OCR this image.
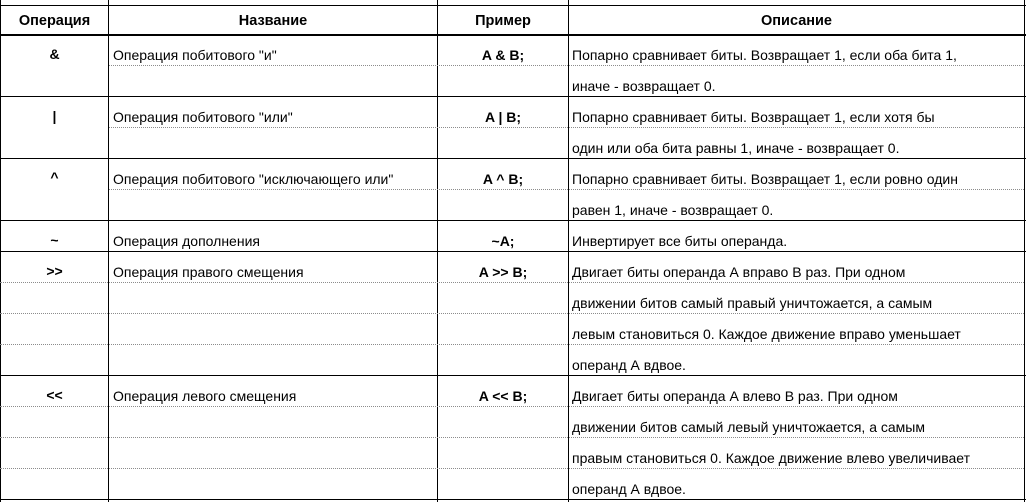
Операция	Название	Пример	Описание
&	Операция побитового "и"	A & B;	Попарно сравнивает биты. Возвращает 1, если оба бита 1,
иначе - возвращает 0.
|	Операция побитового "или"	A | B;	Попарно сравнивает биты. Возвращает 1, если хотя бы
один или оба бита равны 1, иначе - возвращает 0.
^	Операция побитового "исключающего или"	A ^ B;	Попарно сравнивает биты. Возвращает 1, если ровно один
равен 1, иначе - возвращает 0.
~	Операция дополнения	~A;	Инвертирует все биты операнда.
>>	Операция правого смещения	A >> B;	Двигает биты операнда А вправо В раз. При одном
движении битов самый правый уничтожается, а самым
левым становиться 0. Каждое движение вправо уменьшает
операнд А вдвое.
<<	Операция левого смещения	A << B;	Двигает биты операнда А влево В раз. При одном
движении битов самый левый уничтожается, а самым
правым становиться 0. Каждое движение влево увеличивает
операнд А вдвое.
